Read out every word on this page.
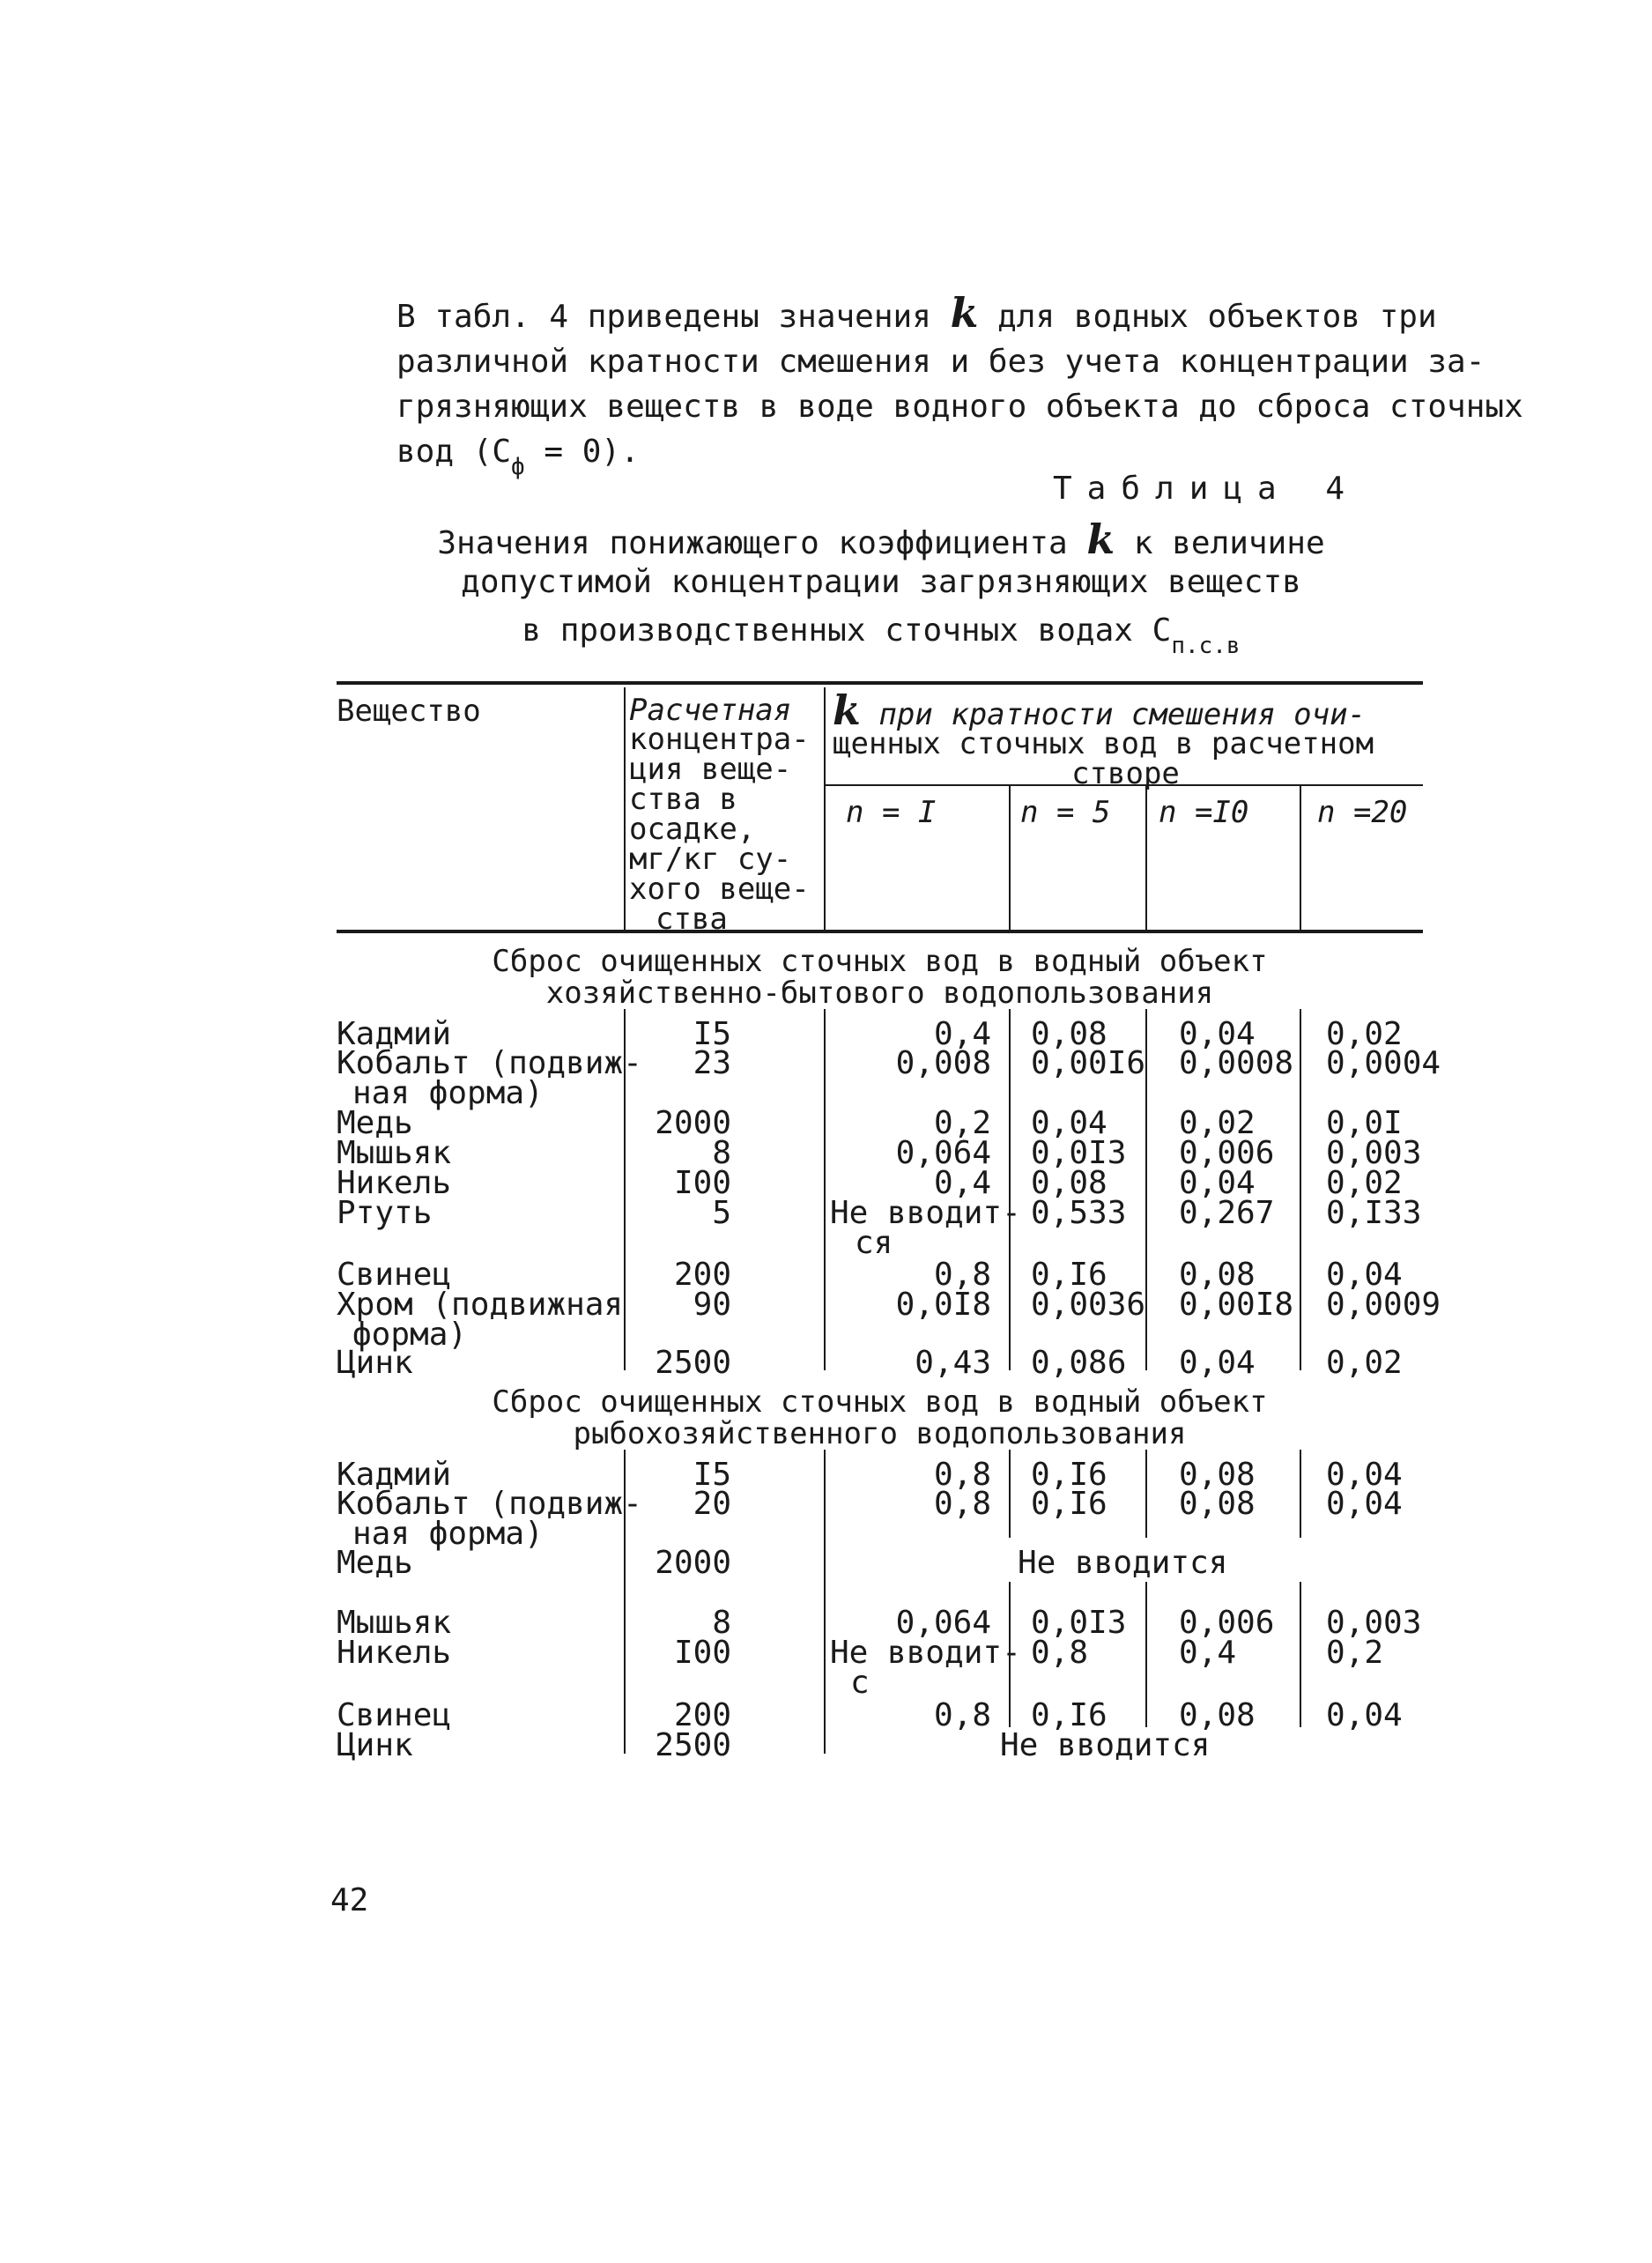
В табл. 4 приведены значения k для водных объектов три
различной кратности смешения и без учета концентрации за-
грязняющих веществ в воде водного объекта до сброса сточных
вод $(С_ф = 0)$.
Таблица 4
Значения понижающего коэффициента k к величине
допустимой концентрации загрязняющих веществ
в производственных сточных водах $С_{п.с.в}$
Вещество	Расчетная
концентра-
ция веще-
ства в
осадке,
мг/кг су-
хого веще-
ства
k при кратности смешения очи-
щенных сточных вод в расчетном
створе
n = I	n = 5 n =I0 n =20
Сброс очищенных сточных вод в водный объект
хозяйственно-бытового водопользования
Кадмий	I5	0,4 0,08 0,04 0,02
Кобальт (подвиж-
ная форма)
23	0,008 0,00I6 0,0008 0,0004
Медь	2000	0,2 0,04 0,02 0,0I
Мышьяк	8	0,064 0,0I3 0,006 0,003
Никель	I00	0,4 0,08 0,04 0,02
Ртуть	5	Не вводит-
ся
0,533 0,267 0,I33
Свинец	200	0,8 0,I6 0,08 0,04
Хром (подвижная
форма)
90	0,0I8 0,0036 0,00I8 0,0009
Цинк	2500	0,43 0,086 0,04 0,02
Сброс очищенных сточных вод в водный объект
рыбохозяйственного водопользования
Кадмий	I5	0,8 0,I6 0,08 0,04
Кобальт (подвиж-
ная форма)
20	0,8 0,I6 0,08 0,04
Медь	2000	Не вводится
Мышьяк	8	0,064 0,0I3 0,006 0,003
Никель	I00	Не вводит-
с
0,8	0,4	0,2
Свинец	200	0,8 0,I6 0,08 0,04
Цинк	2500	Не вводится
42
